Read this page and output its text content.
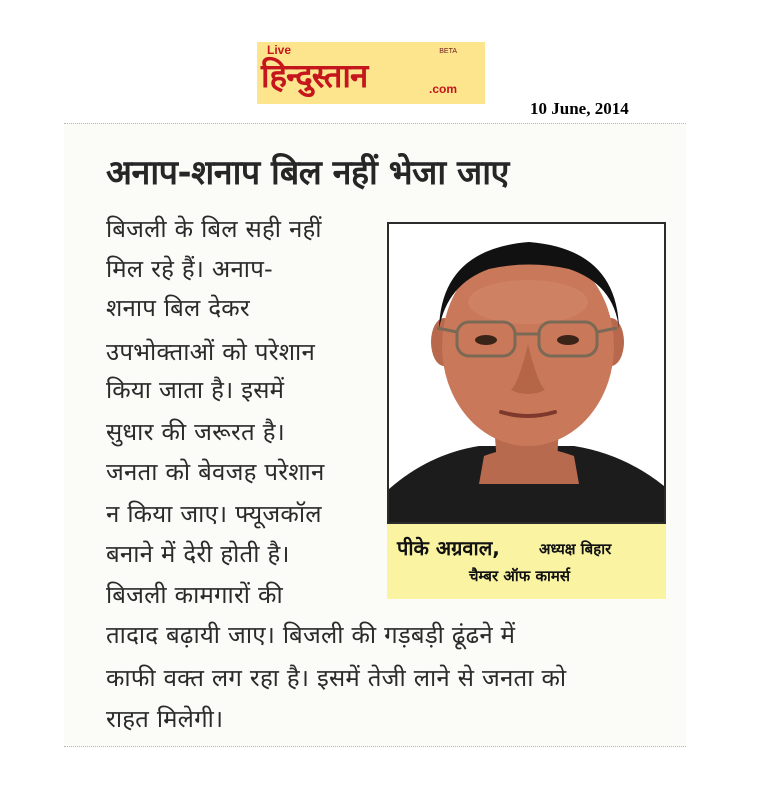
Live
हिन्दुस्तान
BETA
.com
10 June, 2014
अनाप-शनाप बिल नहीं भेजा जाए

बिजली के बिल सही नहीं

मिल रहे हैं। अनाप-

शनाप बिल देकर

उपभोक्ताओं को परेशान

किया जाता है। इसमें

सुधार की जरूरत है।

जनता को बेवजह परेशान

न किया जाए। फ्यूजकॉल

बनाने में देरी होती है।

बिजली कामगारों की

तादाद बढ़ायी जाए। बिजली की गड़बड़ी ढूंढने में

काफी वक्त लग रहा है। इसमें तेजी लाने से जनता को

राहत मिलेगी।

पीके अग्रवाल,	अध्यक्ष बिहार
चैम्बर ऑफ कामर्स
